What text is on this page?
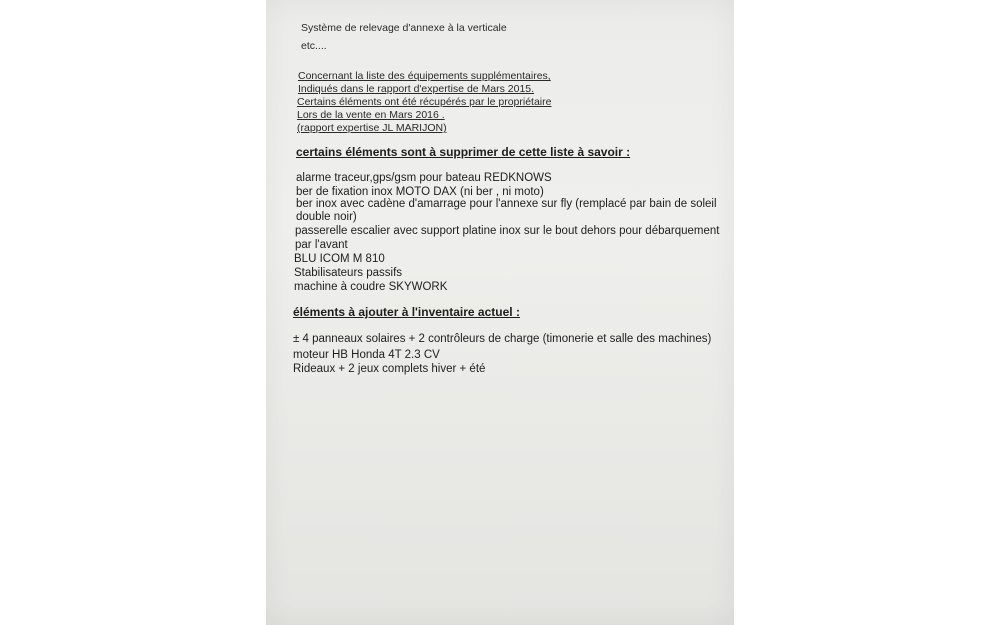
Système de relevage d'annexe à la verticale
etc....
Concernant la liste des équipements supplémentaires,
Indiqués dans le rapport d'expertise de Mars 2015.
Certains éléments ont été récupérés par le propriétaire
Lors de la vente en Mars 2016 .
(rapport expertise JL MARIJON)
certains éléments sont à supprimer de cette liste à savoir :
alarme traceur,gps/gsm pour bateau REDKNOWS
ber de fixation inox MOTO DAX (ni ber , ni moto)
ber inox avec cadène d'amarrage pour l'annexe sur fly (remplacé par bain de soleil
double noir)
passerelle escalier avec support platine inox sur le bout dehors pour débarquement
par l'avant
BLU ICOM M 810
Stabilisateurs passifs
machine à coudre SKYWORK
éléments à ajouter à l'inventaire actuel :
± 4 panneaux solaires + 2 contrôleurs de charge (timonerie et salle des machines)
moteur HB Honda 4T 2.3 CV
Rideaux + 2 jeux complets hiver + été
